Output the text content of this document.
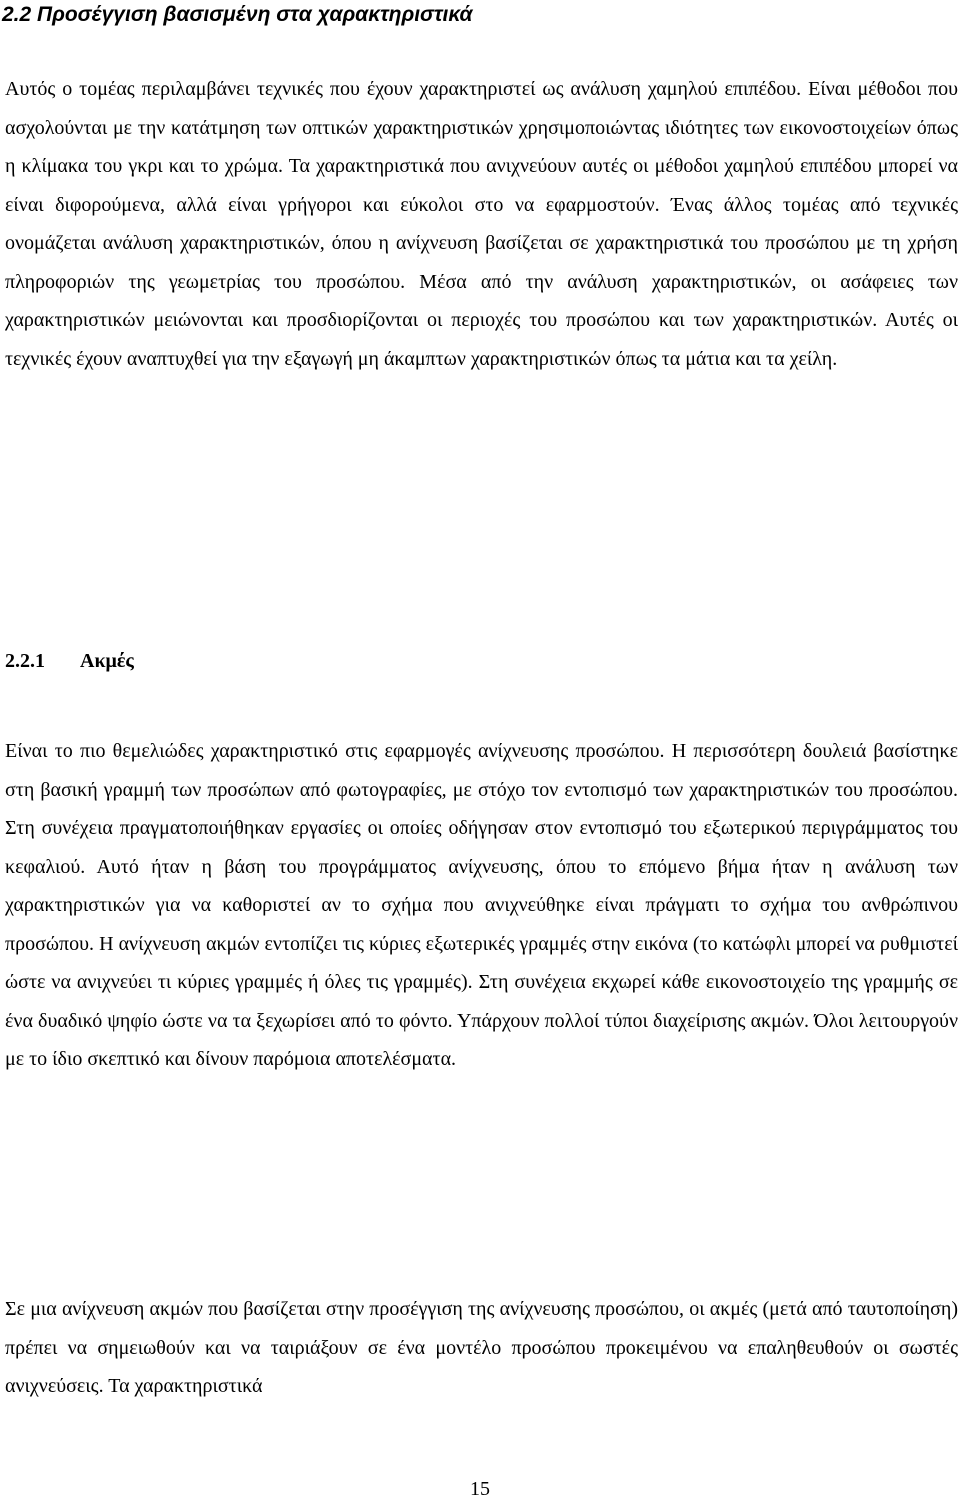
2.2 Προσέγγιση βασισμένη στα χαρακτηριστικά

Αυτός ο τομέας περιλαμβάνει τεχνικές που έχουν χαρακτηριστεί ως ανάλυση χαμηλού επιπέδου. Είναι μέθοδοι που ασχολούνται με την κατάτμηση των οπτικών χαρακτηριστικών χρησιμοποιώντας ιδιότητες των εικονοστοιχείων όπως η κλίμακα του γκρι και το χρώμα. Τα χαρακτηριστικά που ανιχνεύουν αυτές οι μέθοδοι χαμηλού επιπέδου μπορεί να είναι διφορούμενα, αλλά είναι γρήγοροι και εύκολοι στο να εφαρμοστούν. Ένας άλλος τομέας από τεχνικές ονομάζεται ανάλυση χαρακτηριστικών, όπου η ανίχνευση βασίζεται σε χαρακτηριστικά του προσώπου με τη χρήση πληροφοριών της γεωμετρίας του προσώπου. Μέσα από την ανάλυση χαρακτηριστικών, οι ασάφειες των χαρακτηριστικών μειώνονται και προσδιορίζονται οι περιοχές του προσώπου και των χαρακτηριστικών. Αυτές οι τεχνικές έχουν αναπτυχθεί για την εξαγωγή μη άκαμπτων χαρακτηριστικών όπως τα μάτια και τα χείλη.

2.2.1 Ακμές

Είναι το πιο θεμελιώδες χαρακτηριστικό στις εφαρμογές ανίχνευσης προσώπου. Η περισσότερη δουλειά βασίστηκε στη βασική γραμμή των προσώπων από φωτογραφίες, με στόχο τον εντοπισμό των χαρακτηριστικών του προσώπου. Στη συνέχεια πραγματοποιήθηκαν εργασίες οι οποίες οδήγησαν στον εντοπισμό του εξωτερικού περιγράμματος του κεφαλιού. Αυτό ήταν η βάση του προγράμματος ανίχνευσης, όπου το επόμενο βήμα ήταν η ανάλυση των χαρακτηριστικών για να καθοριστεί αν το σχήμα που ανιχνεύθηκε είναι πράγματι το σχήμα του ανθρώπινου προσώπου. Η ανίχνευση ακμών εντοπίζει τις κύριες εξωτερικές γραμμές στην εικόνα (το κατώφλι μπορεί να ρυθμιστεί ώστε να ανιχνεύει τι κύριες γραμμές ή όλες τις γραμμές). Στη συνέχεια εκχωρεί κάθε εικονοστοιχείο της γραμμής σε ένα δυαδικό ψηφίο ώστε να τα ξεχωρίσει από το φόντο. Υπάρχουν πολλοί τύποι διαχείρισης ακμών. Όλοι λειτουργούν με το ίδιο σκεπτικό και δίνουν παρόμοια αποτελέσματα.

Σε μια ανίχνευση ακμών που βασίζεται στην προσέγγιση της ανίχνευσης προσώπου, οι ακμές (μετά από ταυτοποίηση) πρέπει να σημειωθούν και να ταιριάξουν σε ένα μοντέλο προσώπου προκειμένου να επαληθευθούν οι σωστές ανιχνεύσεις. Τα χαρακτηριστικά

15
